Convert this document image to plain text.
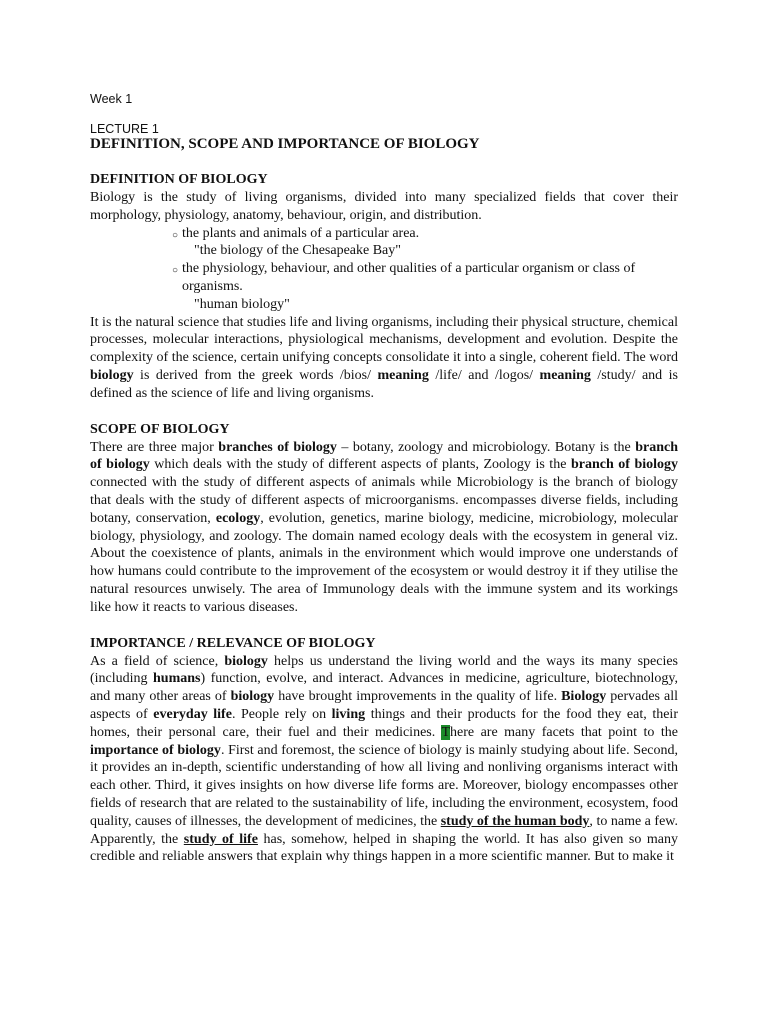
Week 1

LECTURE 1

DEFINITION, SCOPE AND IMPORTANCE OF BIOLOGY

DEFINITION OF BIOLOGY

Biology is the study of living organisms, divided into many specialized fields that cover their morphology, physiology, anatomy, behaviour, origin, and distribution.

○ the plants and animals of a particular area.

"the biology of the Chesapeake Bay"

○ the physiology, behaviour, and other qualities of a particular organism or class of organisms.

"human biology"

It is the natural science that studies life and living organisms, including their physical structure, chemical processes, molecular interactions, physiological mechanisms, development and evolution. Despite the complexity of the science, certain unifying concepts consolidate it into a single, coherent field. The word biology is derived from the greek words /bios/ meaning /life/ and /logos/ meaning /study/ and is defined as the science of life and living organisms.

SCOPE OF BIOLOGY

There are three major branches of biology – botany, zoology and microbiology. Botany is the branch of biology which deals with the study of different aspects of plants, Zoology is the branch of biology connected with the study of different aspects of animals while Microbiology is the branch of biology that deals with the study of different aspects of microorganisms. encompasses diverse fields, including botany, conservation, ecology, evolution, genetics, marine biology, medicine, microbiology, molecular biology, physiology, and zoology. The domain named ecology deals with the ecosystem in general viz. About the coexistence of plants, animals in the environment which would improve one understands of how humans could contribute to the improvement of the ecosystem or would destroy it if they utilise the natural resources unwisely. The area of Immunology deals with the immune system and its workings like how it reacts to various diseases.

IMPORTANCE / RELEVANCE OF BIOLOGY

As a field of science, biology helps us understand the living world and the ways its many species (including humans) function, evolve, and interact. Advances in medicine, agriculture, biotechnology, and many other areas of biology have brought improvements in the quality of life. Biology pervades all aspects of everyday life. People rely on living things and their products for the food they eat, their homes, their personal care, their fuel and their medicines. There are many facets that point to the importance of biology. First and foremost, the science of biology is mainly studying about life. Second, it provides an in-depth, scientific understanding of how all living and nonliving organisms interact with each other. Third, it gives insights on how diverse life forms are. Moreover, biology encompasses other fields of research that are related to the sustainability of life, including the environment, ecosystem, food quality, causes of illnesses, the development of medicines, the study of the human body, to name a few. Apparently, the study of life has, somehow, helped in shaping the world. It has also given so many credible and reliable answers that explain why things happen in a more scientific manner. But to make it
